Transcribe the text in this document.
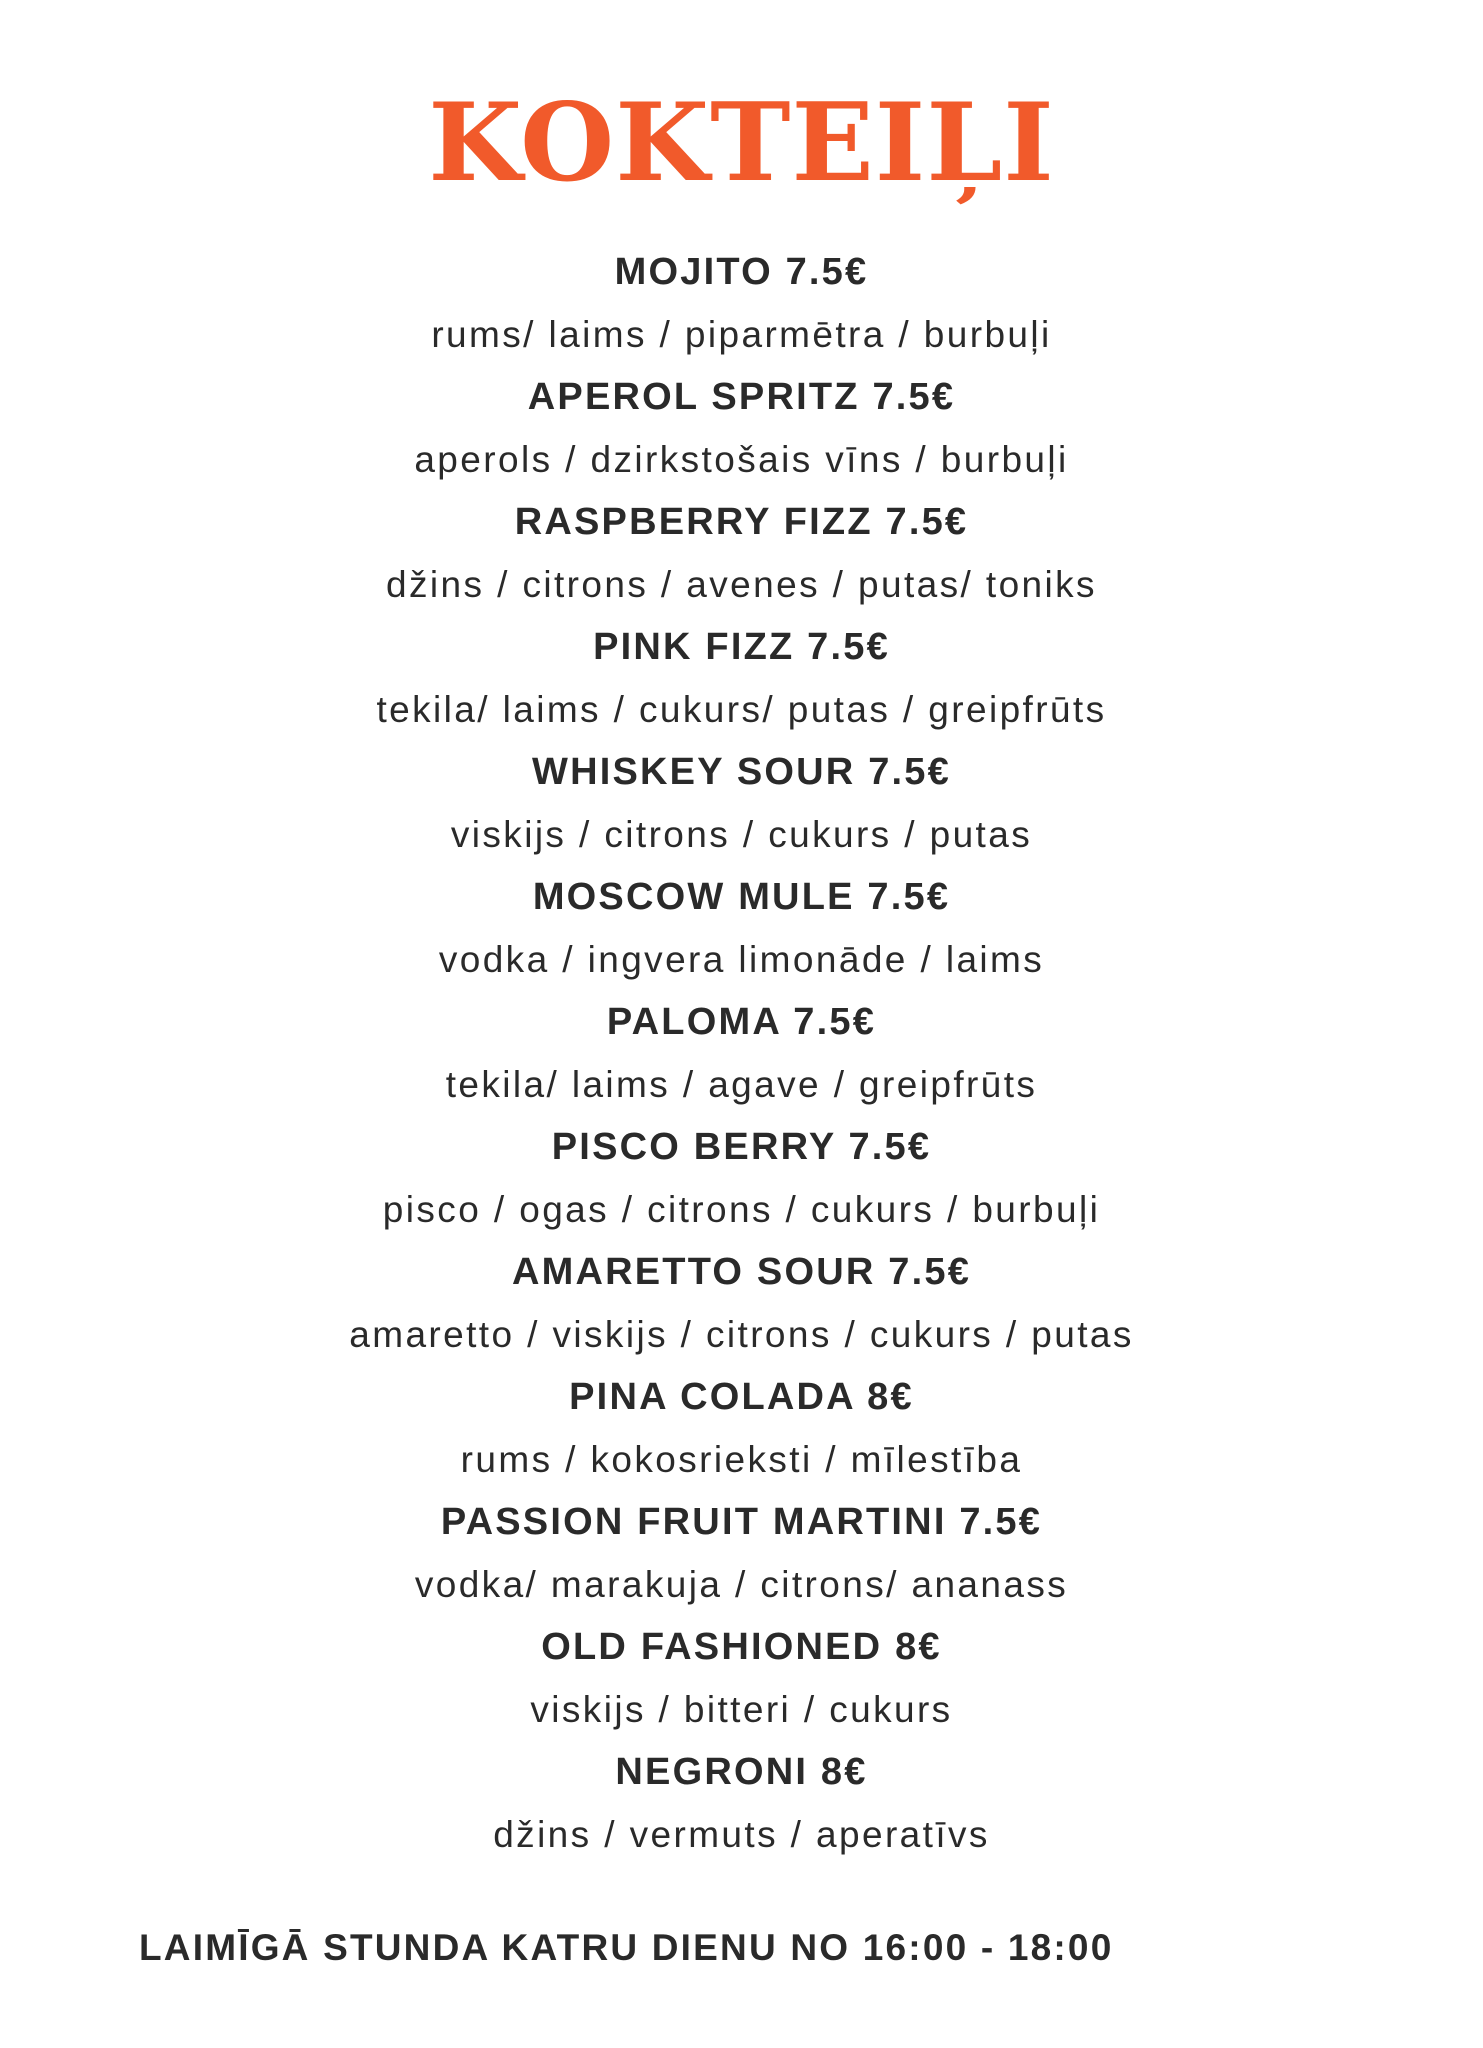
KOKTEIĻI
MOJITO 7.5€
rums/ laims / piparmētra / burbuļi
APEROL SPRITZ 7.5€
aperols / dzirkstošais vīns / burbuļi
RASPBERRY FIZZ 7.5€
džins / citrons / avenes / putas/ toniks
PINK FIZZ 7.5€
tekila/ laims / cukurs/ putas / greipfrūts
WHISKEY SOUR 7.5€
viskijs / citrons / cukurs / putas
MOSCOW MULE 7.5€
vodka / ingvera limonāde / laims
PALOMA 7.5€
tekila/ laims / agave / greipfrūts
PISCO BERRY 7.5€
pisco / ogas / citrons / cukurs / burbuļi
AMARETTO SOUR 7.5€
amaretto / viskijs / citrons / cukurs / putas
PINA COLADA 8€
rums / kokosrieksti / mīlestība
PASSION FRUIT MARTINI 7.5€
vodka/ marakuja / citrons/ ananass
OLD FASHIONED 8€
viskijs / bitteri / cukurs
NEGRONI 8€
džins / vermuts / aperatīvs

LAIMĪGĀ STUNDA KATRU DIENU NO 16:00 - 18:00
